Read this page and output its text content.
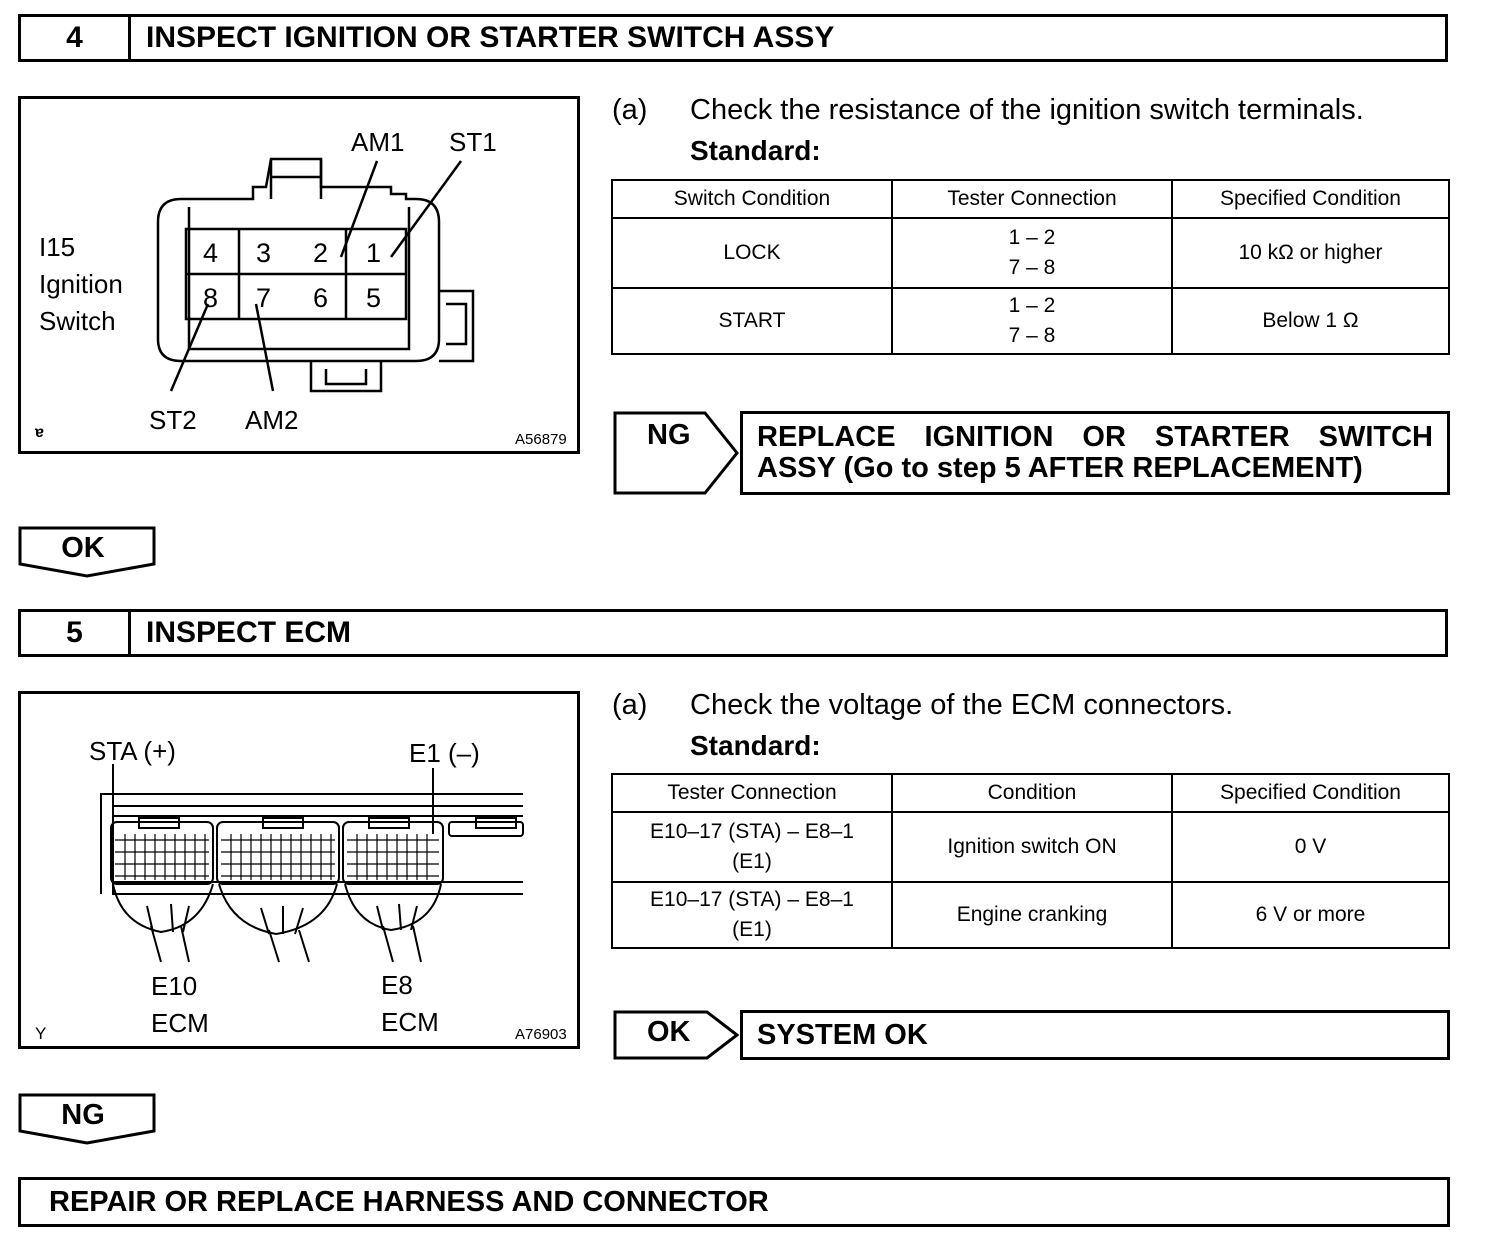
4	INSPECT IGNITION OR STARTER SWITCH ASSY
I15
Ignition
Switch
AM1 ST1
ST2 AM2
4 3 2 1
8 7 6 5
ɐ	A56879
(a) Check the resistance of the ignition switch terminals.
Standard:
Switch Condition	Tester Connection	Specified Condition
LOCK	1 – 2
7 – 8	10 kΩ or higher
START	1 – 2
7 – 8	Below 1 Ω
NG REPLACE IGNITION OR STARTER SWITCH
ASSY (Go to step 5 AFTER REPLACEMENT)
OK
5	INSPECT ECM
STA (+)	E1 (–)
E10
ECM
E8
ECM
Y	A76903
(a) Check the voltage of the ECM connectors.
Standard:
Tester Connection	Condition	Specified Condition

E10–17 (STA) – E8–1
(E1)	Ignition switch ON	0 V

E10–17 (STA) – E8–1
(E1)	Engine cranking	6 V or more
OK SYSTEM OK
NG
REPAIR OR REPLACE HARNESS AND CONNECTOR
